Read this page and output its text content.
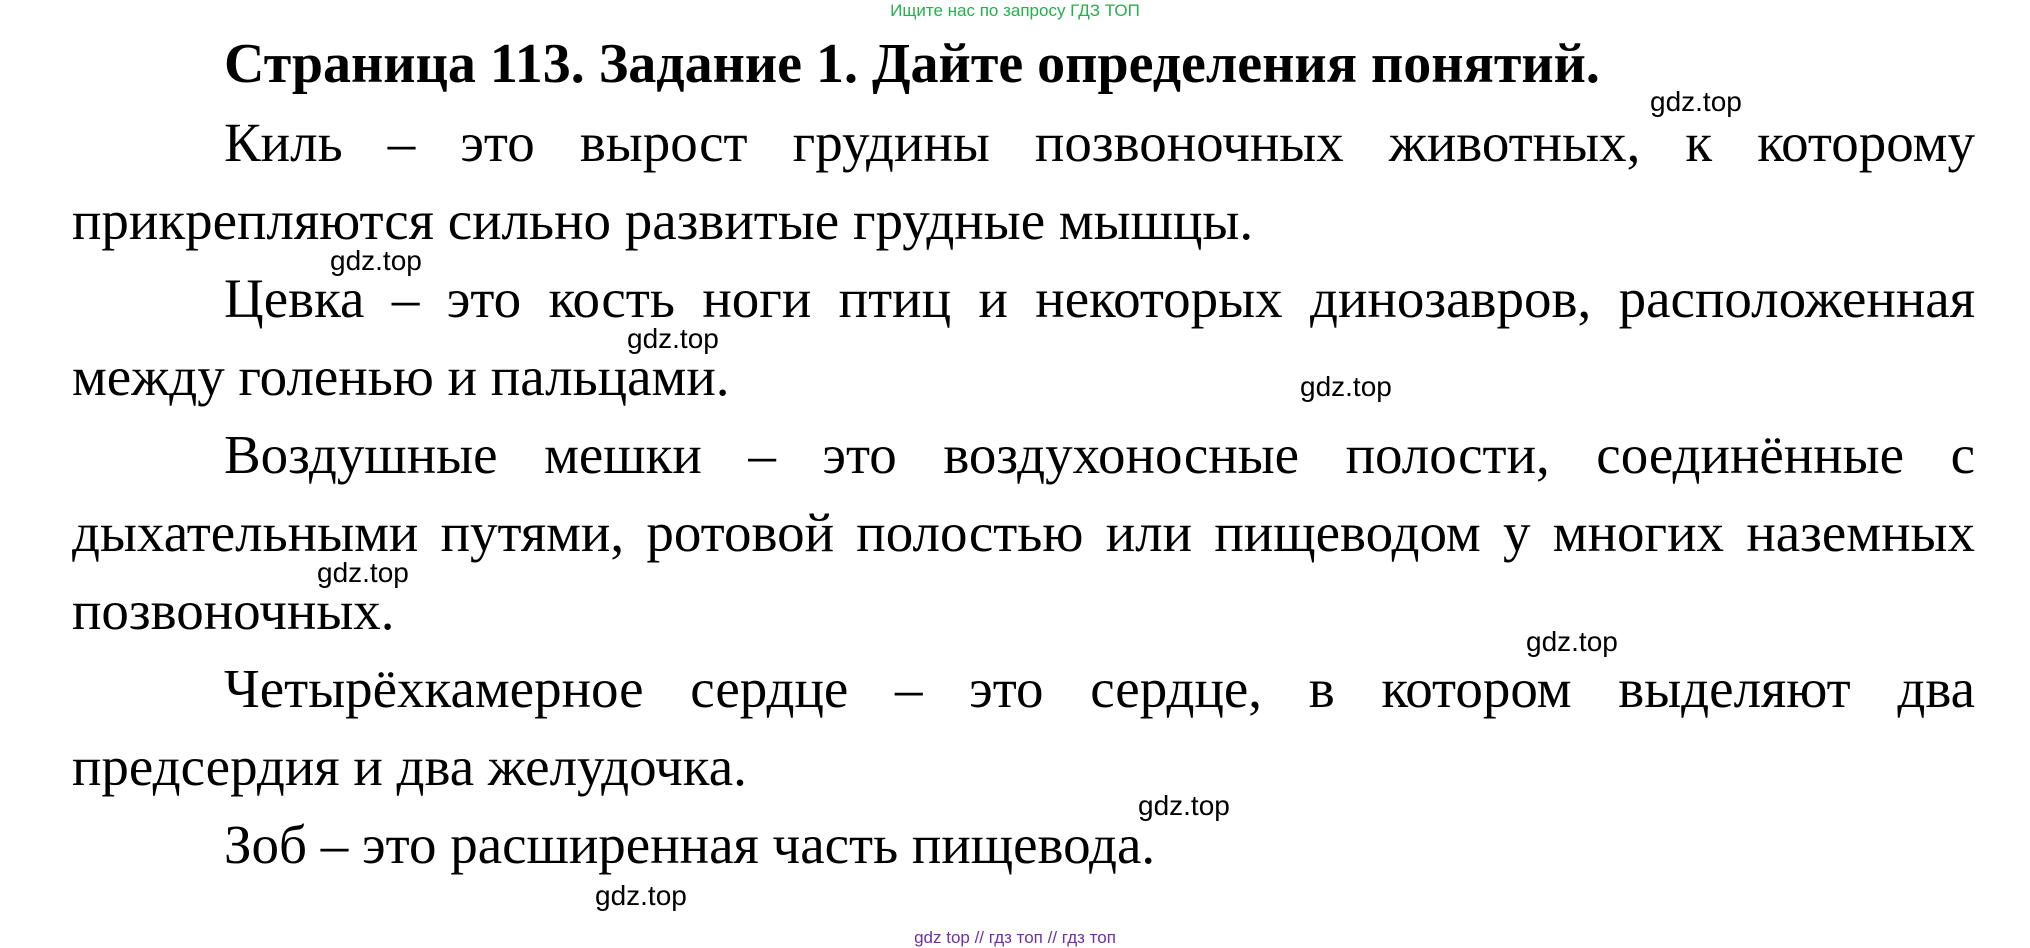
Ищите нас по запросу ГДЗ ТОП
Страница 113. Задание 1. Дайте определения понятий.
Киль – это вырост грудины позвоночных животных, к которому прикрепляются сильно развитые грудные мышцы.
Цевка – это кость ноги птиц и некоторых динозавров, расположенная между голенью и пальцами.
Воздушные мешки – это воздухоносные полости, соединённые с дыхательными путями, ротовой полостью или пищеводом у многих наземных позвоночных.
Четырёхкамерное сердце – это сердце, в котором выделяют два предсердия и два желудочка.
Зоб – это расширенная часть пищевода.
gdz.top
gdz.top
gdz.top
gdz.top
gdz.top
gdz.top
gdz.top
gdz.top
gdz top // гдз топ // гдз топ
